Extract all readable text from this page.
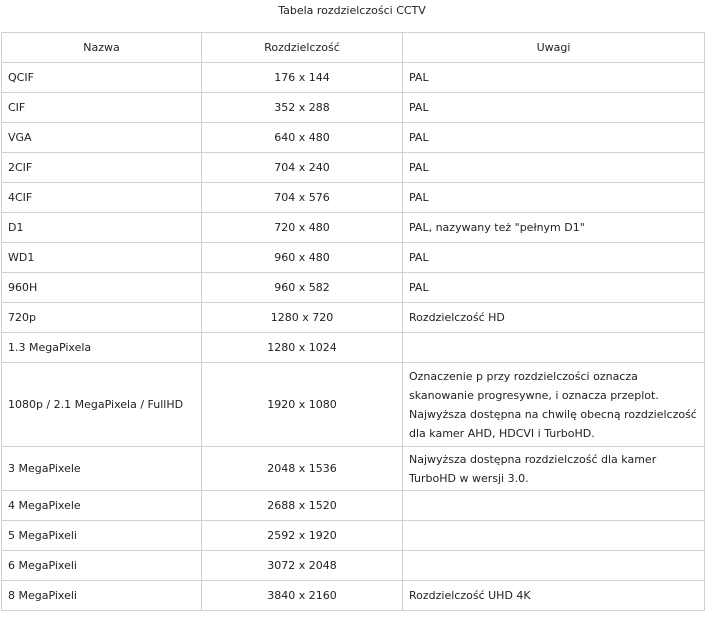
Tabela rozdzielczości CCTV
Nazwa	Rozdzielczość	Uwagi
QCIF	176 x 144	PAL
CIF	352 x 288	PAL
VGA	640 x 480	PAL
2CIF	704 x 240	PAL
4CIF	704 x 576	PAL
D1	720 x 480	PAL, nazywany też "pełnym D1"
WD1	960 x 480	PAL
960H	960 x 582	PAL
720p	1280 x 720	Rozdzielczość HD
1.3 MegaPixela	1280 x 1024	
1080p / 2.1 MegaPixela / FullHD	1920 x 1080	Oznaczenie p przy rozdzielczości oznacza skanowanie progresywne, i oznacza przeplot. Najwyższa dostępna na chwilę obecną rozdzielczość dla kamer AHD, HDCVI i TurboHD.
3 MegaPixele	2048 x 1536	Najwyższa dostępna rozdzielczość dla kamer TurboHD w wersji 3.0.
4 MegaPixele	2688 x 1520	
5 MegaPixeli	2592 x 1920	
6 MegaPixeli	3072 x 2048	
8 MegaPixeli	3840 x 2160	Rozdzielczość UHD 4K
